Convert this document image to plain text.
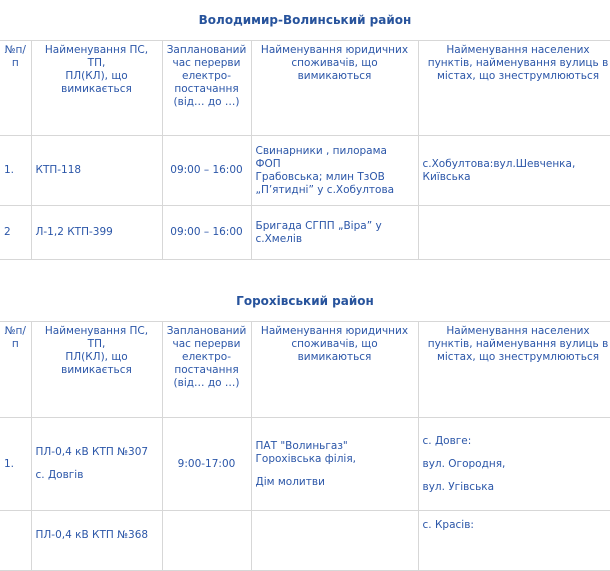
Володимир-Волинський район
№п/
п	Найменування ПС, ТП,
ПЛ(КЛ), що
вимикається	Запланований
час перерви
електро-
постачання
(від… до …)	Найменування юридичних
споживачів, що
вимикаються	Найменування населених
пунктів, найменування вулиць в
містах, що знеструмлюються

1.	КТП-118	09:00 – 16:00	Свинарники , пилорама ФОП
Грабовська; млин ТзОВ
„П’ятидні” у с.Хобултова	с.Хобултова:вул.Шевченка,
Київська

2	Л-1,2 КТП-399	09:00 – 16:00	Бригада СГПП „Віра” у
с.Хмелів	

Горохівський район
№п/
п	Найменування ПС, ТП,
ПЛ(КЛ), що
вимикається	Запланований
час перерви
електро-
постачання
(від… до …)	Найменування юридичних
споживачів, що
вимикаються	Найменування населених
пунктів, найменування вулиць в
містах, що знеструмлюються

1.	ПЛ-0,4 кВ КТП №307
с. Довгів	9:00-17:00	ПАТ "Волиньгаз"
Горохівська філія,
Дім молитви	с. Довге:
вул. Огородня,
вул. Угівська

	ПЛ-0,4 кВ КТП №368			с. Красів:
